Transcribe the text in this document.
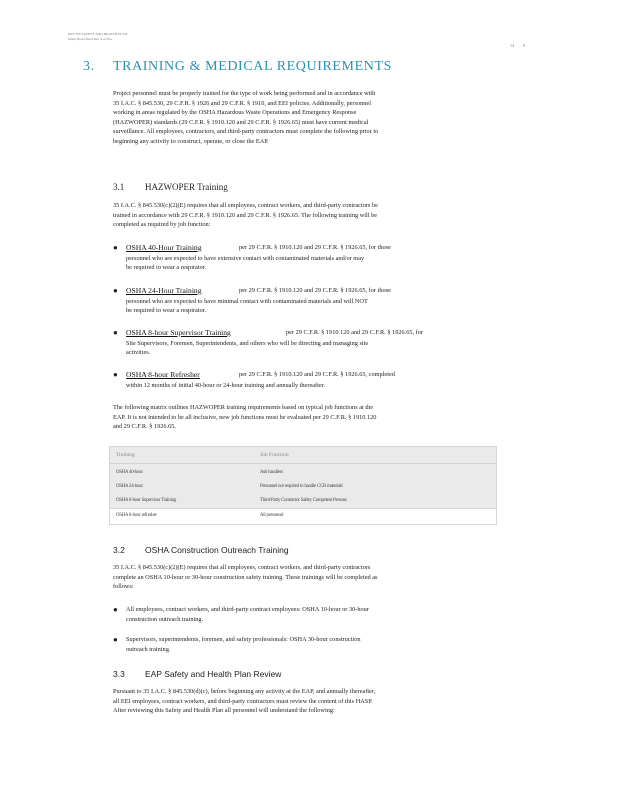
DLT 505 SAFETY AND HEALTH PLAN
Jump Street Plant Rev 4 of Nov
14 9
3. TRAINING & MEDICAL REQUIREMENTS
Project personnel must be properly trained for the type of work being performed and in accordance with 35 I.A.C. § 845.530, 29 C.F.R. § 1926 and 29 C.F.R. § 1910, and EEI policies. Additionally, personnel working in areas regulated by the OSHA Hazardous Waste Operations and Emergency Response (HAZWOPER) standards (29 C.F.R. § 1910.120 and 29 C.F.R. § 1926.65) must have current medical surveillance. All employees, contractors, and third-party contractors must complete the following prior to beginning any activity to construct, operate, or close the EAP.
3.1 HAZWOPER Training
35 I.A.C. § 845.530(c)(2)(E) requires that all employees, contract workers, and third-party contractors be trained in accordance with 29 C.F.R. § 1910.120 and 29 C.F.R. § 1926.65. The following training will be completed as required by job function:
● OSHA 40-Hour Training	per 29 C.F.R. § 1910.120 and 29 C.F.R. § 1926.65, for those
personnel who are expected to have extensive contact with contaminated materials and/or may be required to wear a respirator.
● OSHA 24-Hour Training	per 29 C.F.R. § 1910.120 and 29 C.F.R. § 1926.65, for those
personnel who are expected to have minimal contact with contaminated materials and will NOT be required to wear a respirator.
● OSHA 8-hour Supervisor Training	per 29 C.F.R. § 1910.120 and 29 C.F.R. § 1926.65, for
Site Supervisors, Foremen, Superintendents, and others who will be directing and managing site activities.
● OSHA 8-hour Refresher	per 29 C.F.R. § 1910.120 and 29 C.F.R. § 1926.65, completed
within 12 months of initial 40-hour or 24-hour training and annually thereafter.
The following matrix outlines HAZWOPER training requirements based on typical job functions at the EAP. It is not intended to be all inclusive, new job functions must be evaluated per 29 C.F.R. § 1910.120 and 29 C.F.R. § 1926.65.
Training	Job Function
OSHA 40-hour	Ash handlers
OSHA 24-hour	Personnel not required to handle CCR materials
OSHA 8-hour Supervisor Training	Third-Party Contractor Safety Competent Persons
OSHA 8-hour refresher	All personnel
3.2 OSHA Construction Outreach Training
35 I.A.C. § 845.530(c)(2)(E) requires that all employees, contract workers, and third-party contractors complete an OSHA 10-hour or 30-hour construction safety training. These trainings will be completed as follows:
● All employees, contract workers, and third-party contract employees: OSHA 10-hour or 30-hour construction outreach training.
● Supervisors, superintendents, foremen, and safety professionals: OSHA 30-hour construction outreach training.
3.3 EAP Safety and Health Plan Review
Pursuant to 35 I.A.C. § 845.530(d)(c), before beginning any activity at the EAP, and annually thereafter, all EEI employees, contract workers, and third-party contractors must review the content of this HASP. After reviewing this Safety and Health Plan all personnel will understand the following:
